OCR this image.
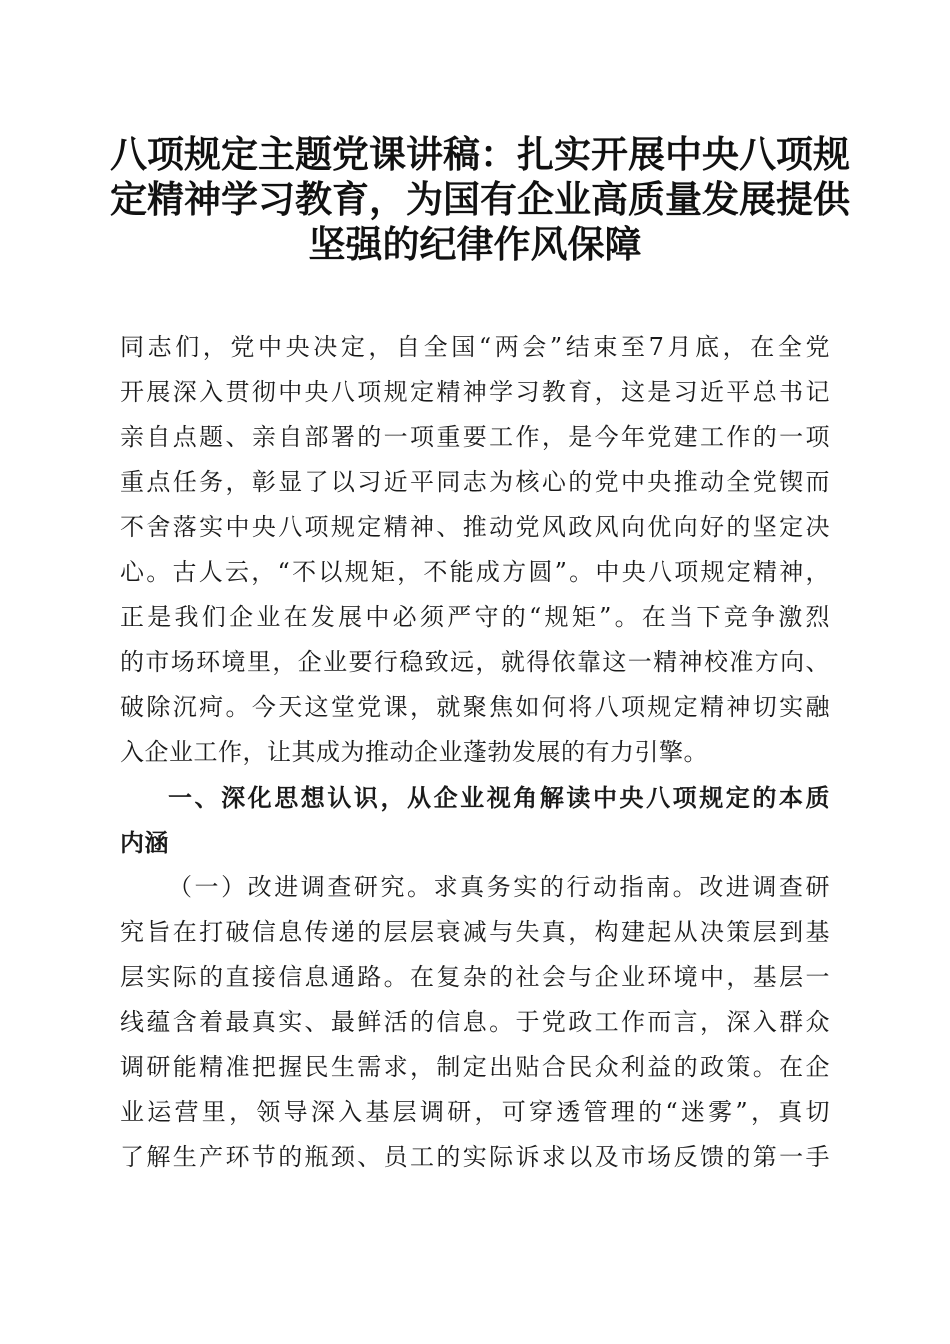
八项规定主题党课讲稿：扎实开展中央八项规
定精神学习教育，为国有企业高质量发展提供
坚强的纪律作风保障
同志们，党中央决定，自全国“两会”结束至7月底，在全党
开展深入贯彻中央八项规定精神学习教育，这是习近平总书记
亲自点题、亲自部署的一项重要工作，是今年党建工作的一项
重点任务，彰显了以习近平同志为核心的党中央推动全党锲而
不舍落实中央八项规定精神、推动党风政风向优向好的坚定决
心。古人云，“不以规矩，不能成方圆”。中央八项规定精神，
正是我们企业在发展中必须严守的“规矩”。在当下竞争激烈
的市场环境里，企业要行稳致远，就得依靠这一精神校准方向、
破除沉疴。今天这堂党课，就聚焦如何将八项规定精神切实融
入企业工作，让其成为推动企业蓬勃发展的有力引擎。
一、深化思想认识，从企业视角解读中央八项规定的本质
内涵
（一）改进调查研究。求真务实的行动指南。改进调查研
究旨在打破信息传递的层层衰减与失真，构建起从决策层到基
层实际的直接信息通路。在复杂的社会与企业环境中，基层一
线蕴含着最真实、最鲜活的信息。于党政工作而言，深入群众
调研能精准把握民生需求，制定出贴合民众利益的政策。在企
业运营里，领导深入基层调研，可穿透管理的“迷雾”，真切
了解生产环节的瓶颈、员工的实际诉求以及市场反馈的第一手
